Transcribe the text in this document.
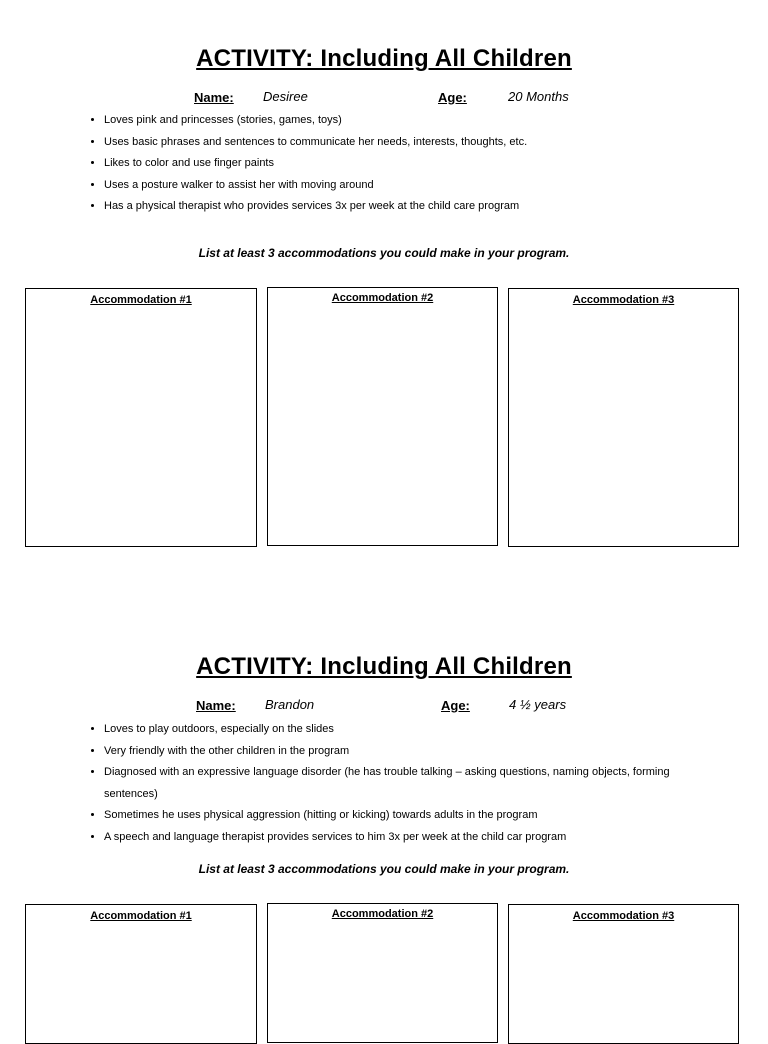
ACTIVITY: Including All Children
Name: Desiree	Age:	20 Months
• Loves pink and princesses (stories, games, toys)
• Uses basic phrases and sentences to communicate her needs, interests, thoughts, etc.
• Likes to color and use finger paints
• Uses a posture walker to assist her with moving around
• Has a physical therapist who provides services 3x per week at the child care program
List at least 3 accommodations you could make in your program.
Accommodation #1	Accommodation #2	Accommodation #3
ACTIVITY: Including All Children
Name: Brandon	Age:	4 ½ years
• Loves to play outdoors, especially on the slides
• Very friendly with the other children in the program
• Diagnosed with an expressive language disorder (he has trouble talking – asking questions, naming objects, forming sentences)
• Sometimes he uses physical aggression (hitting or kicking) towards adults in the program
• A speech and language therapist provides services to him 3x per week at the child car program
List at least 3 accommodations you could make in your program.
Accommodation #1	Accommodation #2	Accommodation #3
